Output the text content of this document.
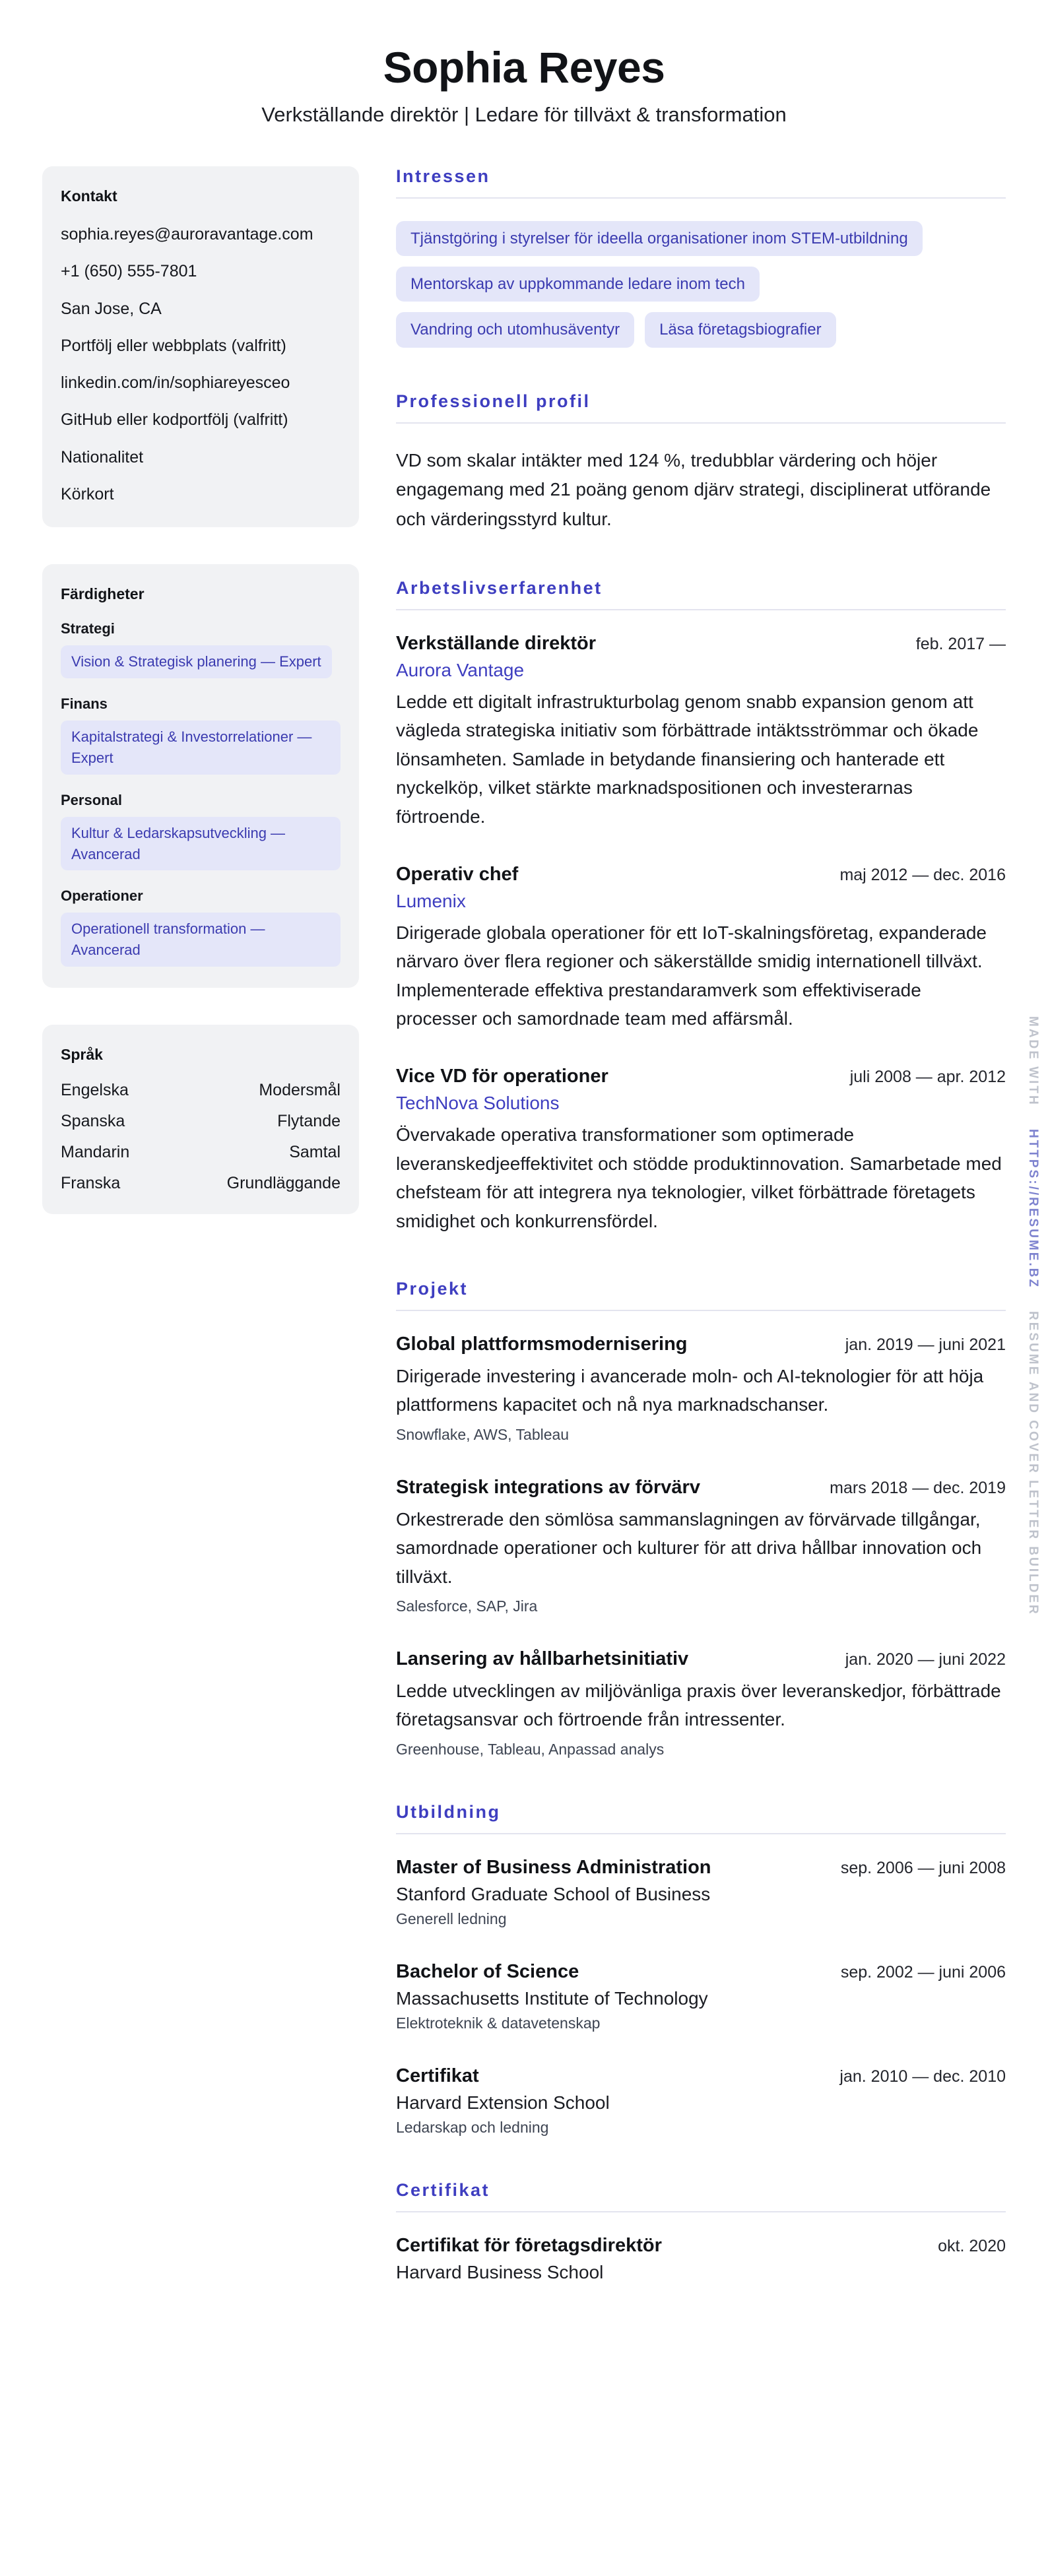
Sophia Reyes

Verkställande direktör | Ledare för tillväxt & transformation

Kontakt
sophia.reyes@auroravantage.com
+1 (650) 555-7801
San Jose, CA
Portfölj eller webbplats (valfritt)
linkedin.com/in/sophiareyesceo
GitHub eller kodportfölj (valfritt)
Nationalitet
Körkort
Färdigheter
Strategi
Vision & Strategisk planering — Expert
Finans
Kapitalstrategi & Investorrelationer — Expert
Personal
Kultur & Ledarskapsutveckling — Avancerad
Operationer
Operationell transformation — Avancerad
Språk
Engelska	Modersmål
Spanska	Flytande
Mandarin	Samtal
Franska	Grundläggande
Intressen
Tjänstgöring i styrelser för ideella organisationer inom STEM-utbildning
Mentorskap av uppkommande ledare inom tech
Vandring och utomhusäventyr	Läsa företagsbiografier
Professionell profil

VD som skalar intäkter med 124 %, tredubblar värdering och höjer engagemang med 21 poäng genom djärv strategi, disciplinerat utförande och värderingsstyrd kultur.

Arbetslivserfarenhet
Verkställande direktör	feb. 2017 —
Aurora Vantage

Ledde ett digitalt infrastrukturbolag genom snabb expansion genom att vägleda strategiska initiativ som förbättrade intäktsströmmar och ökade lönsamheten. Samlade in betydande finansiering och hanterade ett nyckelköp, vilket stärkte marknadspositionen och investerarnas förtroende.

Operativ chef	maj 2012 — dec. 2016
Lumenix

Dirigerade globala operationer för ett IoT-skalningsföretag, expanderade närvaro över flera regioner och säkerställde smidig internationell tillväxt. Implementerade effektiva prestandaramverk som effektiviserade processer och samordnade team med affärsmål.

Vice VD för operationer	juli 2008 — apr. 2012
TechNova Solutions

Övervakade operativa transformationer som optimerade leveranskedjeeffektivitet och stödde produktinnovation. Samarbetade med chefsteam för att integrera nya teknologier, vilket förbättrade företagets smidighet och konkurrensfördel.

Projekt
Global plattformsmodernisering	jan. 2019 — juni 2021

Dirigerade investering i avancerade moln- och AI-teknologier för att höja plattformens kapacitet och nå nya marknadschanser.

Snowflake, AWS, Tableau

Strategisk integrations av förvärv	mars 2018 — dec. 2019

Orkestrerade den sömlösa sammanslagningen av förvärvade tillgångar, samordnade operationer och kulturer för att driva hållbar innovation och tillväxt.

Salesforce, SAP, Jira

Lansering av hållbarhetsinitiativ	jan. 2020 — juni 2022

Ledde utvecklingen av miljövänliga praxis över leveranskedjor, förbättrade företagsansvar och förtroende från intressenter.

Greenhouse, Tableau, Anpassad analys

Utbildning
Master of Business Administration	sep. 2006 — juni 2008

Stanford Graduate School of Business

Generell ledning

Bachelor of Science	sep. 2002 — juni 2006

Massachusetts Institute of Technology

Elektroteknik & datavetenskap

Certifikat	jan. 2010 — dec. 2010

Harvard Extension School

Ledarskap och ledning

Certifikat
Certifikat för företagsdirektör	okt. 2020

Harvard Business School

MADE WITH
HTTPS://RESUME.BZ
RESUME AND COVER LETTER BUILDER
